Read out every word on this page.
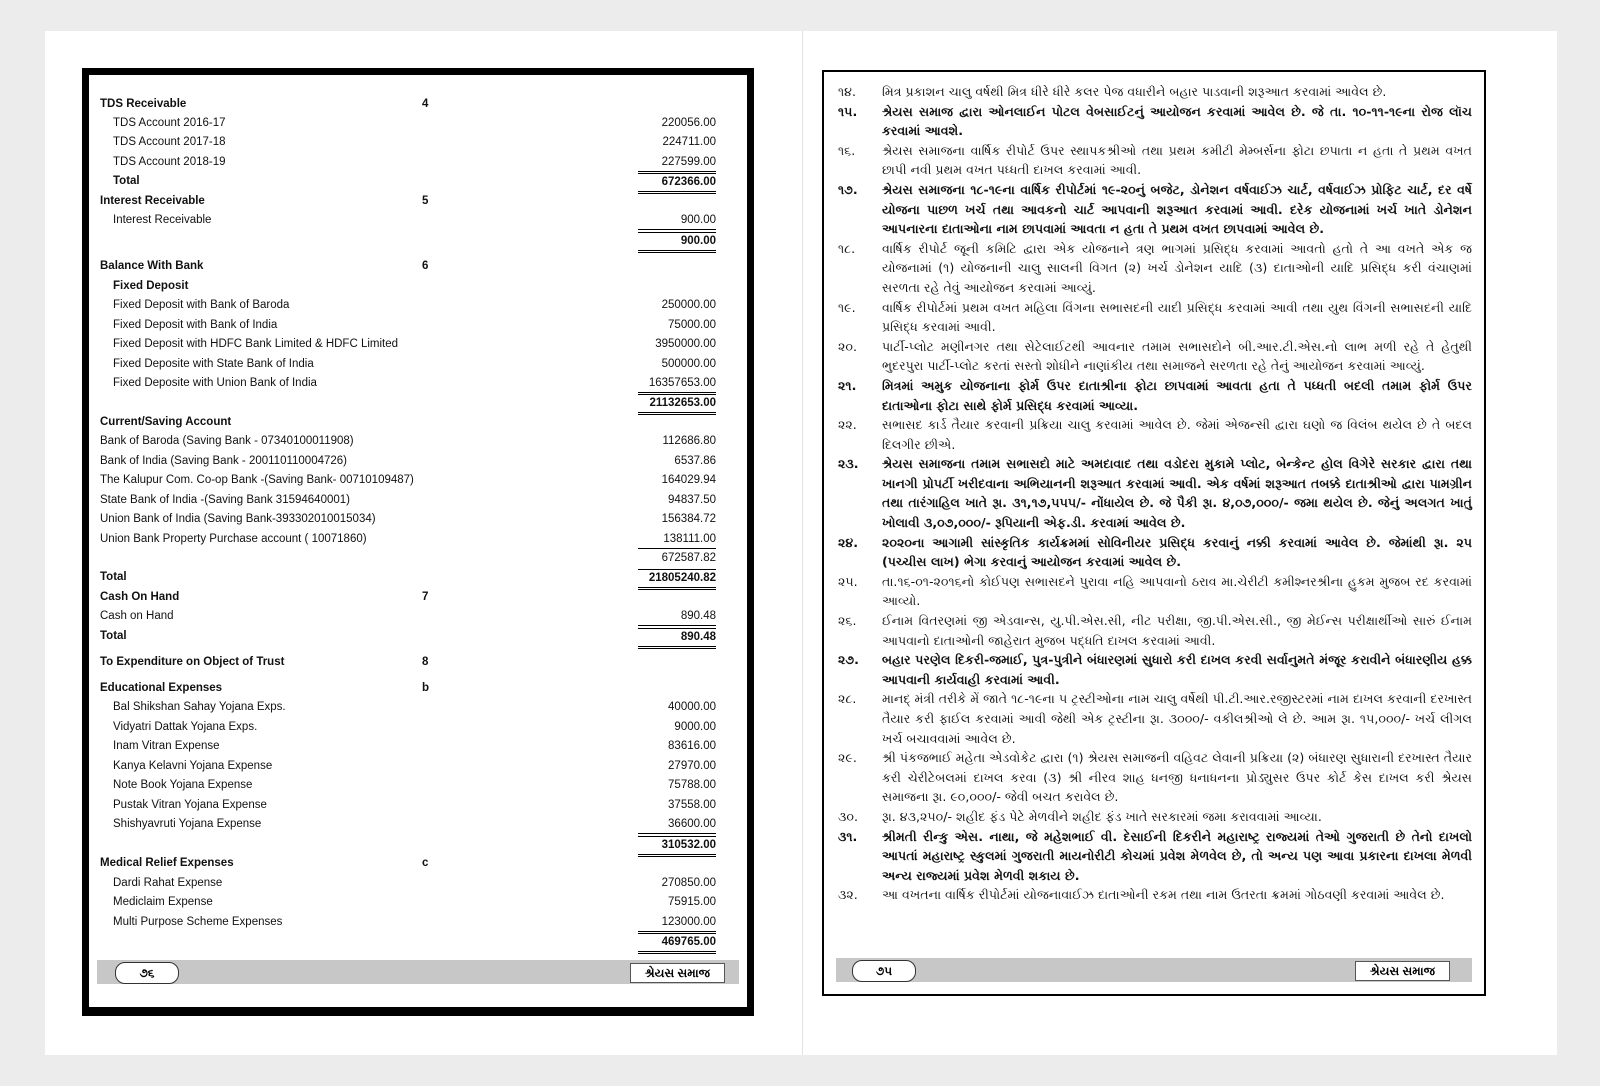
TDS Receivable	4
TDS Account 2016-17	220056.00
TDS Account 2017-18	224711.00
TDS Account 2018-19	227599.00
Total	672366.00
Interest Receivable	5
Interest Receivable	900.00
900.00
Balance With Bank	6
Fixed Deposit
Fixed Deposit with Bank of Baroda	250000.00
Fixed Deposit with Bank of India	75000.00
Fixed Deposit with HDFC Bank Limited & HDFC Limited	3950000.00
Fixed Deposite with State Bank of India	500000.00
Fixed Deposite with Union Bank of India	16357653.00
21132653.00
Current/Saving Account
Bank of Baroda (Saving Bank - 07340100011908)	112686.80
Bank of India (Saving Bank - 200110110004726)	6537.86
The Kalupur Com. Co-op Bank -(Saving Bank- 00710109487)	164029.94
State Bank of India -(Saving Bank 31594640001)	94837.50
Union Bank of India (Saving Bank-393302010015034)	156384.72
Union Bank Property Purchase account ( 10071860)	138111.00
672587.82
Total	21805240.82
Cash On Hand	7
Cash on Hand	890.48
Total	890.48
To Expenditure on Object of Trust	8
Educational Expenses	b
Bal Shikshan Sahay Yojana Exps.	40000.00
Vidyatri Dattak Yojana Exps.	9000.00
Inam Vitran Expense	83616.00
Kanya Kelavni Yojana Expense	27970.00
Note Book Yojana Expense	75788.00
Pustak Vitran Yojana Expense	37558.00
Shishyavruti Yojana Expense	36600.00
310532.00
Medical Relief Expenses	c
Dardi Rahat Expense	270850.00
Mediclaim Expense	75915.00
Multi Purpose Scheme Expenses	123000.00
469765.00
૭૬	શ્રેયસ સમાજ
૧૪.	મિત્ર પ્રકાશન ચાલુ વર્ષથી મિત્ર ધીરે ધીરે કલર પેજ વધારીને બહાર પાડવાની શરૂઆત કરવામાં આવેલ છે.
૧૫.	શ્રેયસ સમાજ દ્વારા ઓનલાઈન પોટલ વેબસાઈટનું આયોજન કરવામાં આવેલ છે. જે તા. ૧૦-૧૧-૧૯ના રોજ લૉચ કરવામાં આવશે.
૧૬.	શ્રેયસ સમાજના વાર્ષિક રીપોર્ટ ઉપર સ્થાપકશ્રીઓ તથા પ્રથમ કમીટી મેમ્બર્સના ફોટા છપાતા ન હતા તે પ્રથમ વખત છાપી નવી પ્રથમ વખત પધ્ધતી દાખલ કરવામાં આવી.
૧૭.	શ્રેયસ સમાજના ૧૮-૧૯ના વાર્ષિક રીપોર્ટમાં ૧૯-૨૦નું બજેટ, ડોનેશન વર્ષવાઈઝ ચાર્ટ, વર્ષવાઈઝ પ્રોફિટ ચાર્ટ, દર વર્ષે યોજના પાછળ ખર્ચ તથા આવકનો ચાર્ટ આપવાની શરૂઆત કરવામાં આવી. દરેક યોજનામાં ખર્ચ ખાતે ડોનેશન આપનારના દાતાઓના નામ છાપવામાં આવતા ન હતા તે પ્રથમ વખત છાપવામાં આવેલ છે.
૧૮.	વાર્ષિક રીપોર્ટ જૂની કમિટિ દ્વારા એક યોજનાને ત્રણ ભાગમાં પ્રસિદ્ધ કરવામાં આવતો હતો તે આ વખતે એક જ યોજનામાં (૧) યોજનાની ચાલુ સાલની વિગત (૨) ખર્ચ ડોનેશન યાદિ (૩) દાતાઓની યાદિ પ્રસિદ્ધ કરી વંચાણમાં સરળતા રહે તેવું આયોજન કરવામાં આવ્યું.
૧૯.	વાર્ષિક રીપોર્ટમાં પ્રથમ વખત મહિલા વિંગના સભાસદની યાદી પ્રસિદ્ધ કરવામાં આવી તથા યુથ વિંગની સભાસદની યાદિ પ્રસિદ્ધ કરવામાં આવી.
૨૦.	પાર્ટી-પ્લોટ મણીનગર તથા સેટેલાઈટથી આવનાર તમામ સભાસદોને બી.આર.ટી.એસ.નો લાભ મળી રહે તે હેતુથી ભુદરપુરા પાર્ટી-પ્લોટ કરતાં સસ્તો શોધીને નાણાંકીય તથા સમાજને સરળતા રહે તેનું આયોજન કરવામાં આવ્યું.
૨૧.	મિત્રમાં અમુક યોજનાના ફોર્મ ઉપર દાતાશ્રીના ફોટા છાપવામાં આવતા હતા તે પધ્ધતી બદલી તમામ ફોર્મ ઉપર દાતાઓના ફોટા સાથે ફોર્મ પ્રસિદ્ધ કરવામાં આવ્યા.
૨૨.	સભાસદ કાર્ડ તૈયાર કરવાની પ્રક્રિયા ચાલુ કરવામાં આવેલ છે. જેમાં એજન્સી દ્વારા ઘણો જ વિલંબ થયેલ છે તે બદલ દિલગીર છીએ.
૨૩.	શ્રેયસ સમાજના તમામ સભાસદો માટે અમદાવાદ તથા વડોદરા મુકામે પ્લોટ, બેન્કેન્ટ હોલ વિગેરે સરકાર દ્વારા તથા ખાનગી પ્રોપર્ટી ખરીદવાના અભિયાનની શરૂઆત કરવામાં આવી. એક વર્ષમાં શરૂઆત તબક્કે દાતાશ્રીઓ દ્વારા પામગ્રીન તથા તારંગાહિલ ખાતે રૂા. ૩૧,૧૭,૫૫૫/- નોંધાયેલ છે. જે પૈકી રૂા. ૪,૦૭,૦૦૦/- જમા થયેલ છે. જેનું અલગત ખાતું ખોલાવી ૩,૦૭,૦૦૦/- રૂપિયાની એફ.ડી. કરવામાં આવેલ છે.
૨૪.	૨૦૨૦ના આગામી સાંસ્કૃતિક કાર્યક્રમમાં સોવિનીયર પ્રસિદ્ધ કરવાનું નક્કી કરવામાં આવેલ છે. જેમાંથી રૂા. ૨૫ (પચ્ચીસ લાખ) ભેગા કરવાનું આયોજન કરવામાં આવેલ છે.
૨૫.	તા.૧૬-૦૧-૨૦૧૬નો કોઈપણ સભાસદને પુરાવા નહિ આપવાનો ઠરાવ મા.ચેરીટી કમીશ્નરશ્રીના હુકમ મુજબ રદ કરવામાં આવ્યો.
૨૬.	ઈનામ વિતરણમાં જી એડવાન્સ, યુ.પી.એસ.સી, નીટ પરીક્ષા, જી.પી.એસ.સી., જી મેઈન્સ પરીક્ષાર્થીઓ સારું ઈનામ આપવાનો દાતાઓની જાહેરાત મુજબ પદ્ધતિ દાખલ કરવામાં આવી.
૨૭.	બહાર પરણેલ દિકરી-જમાઈ, પુત્ર-પુત્રીને બંધારણમાં સુધારો કરી દાખલ કરવી સર્વાનુમતે મંજૂર કરાવીને બંધારણીય હક્ક આપવાની કાર્યવાહી કરવામાં આવી.
૨૮.	માનદ્ મંત્રી તરીકે મેં જાતે ૧૮-૧૯ના ૫ ટ્રસ્ટીઓના નામ ચાલુ વર્ષેથી પી.ટી.આર.રજીસ્ટરમાં નામ દાખલ કરવાની દરખાસ્ત તૈયાર કરી ફાઈલ કરવામાં આવી જેથી એક ટ્રસ્ટીના રૂા. ૩૦૦૦/- વકીલશ્રીઓ લે છે. આમ રૂા. ૧૫,૦૦૦/- ખર્ચ લીગલ ખર્ચ બચાવવામાં આવેલ છે.
૨૯.	શ્રી પંકજભાઈ મહેતા એડવોકેટ દ્વારા (૧) શ્રેયસ સમાજની વહિવટ લેવાની પ્રક્રિયા (૨) બંધારણ સુધારાની દરખાસ્ત તૈયાર કરી ચેરીટેબલમાં દાખલ કરવા (૩) શ્રી નીરવ શાહ ધનજી ધનાધનના પ્રોડ્યુસર ઉપર કોર્ટ કેસ દાખલ કરી શ્રેયસ સમાજના રૂા. ૯૦,૦૦૦/- જેવી બચત કરાવેલ છે.
૩૦.	રૂા. ૪૩,૨૫૦/- શહીદ ફંડ પેટે મેળવીને શહીદ ફંડ ખાતે સરકારમાં જમા કરાવવામાં આવ્યા.
૩૧.	શ્રીમતી રીન્કુ એસ. નાથા, જે મહેશભાઈ વી. દેસાઈની દિકરીને મહારાષ્ટ્ર રાજ્યમાં તેઓ ગુજરાતી છે તેનો દાખલો આપતાં મહારાષ્ટ્ર સ્કુલમાં ગુજરાતી માયનોરીટી કોચમાં પ્રવેશ મેળવેલ છે, તો અન્ય પણ આવા પ્રકારના દાખલા મેળવી અન્ય રાજ્યમાં પ્રવેશ મેળવી શકાય છે.
૩૨.	આ વખતના વાર્ષિક રીપોર્ટમાં યોજનાવાઈઝ દાતાઓની રકમ તથા નામ ઉતરતા ક્રમમાં ગોઠવણી કરવામાં આવેલ છે.
૭૫	શ્રેયસ સમાજ
